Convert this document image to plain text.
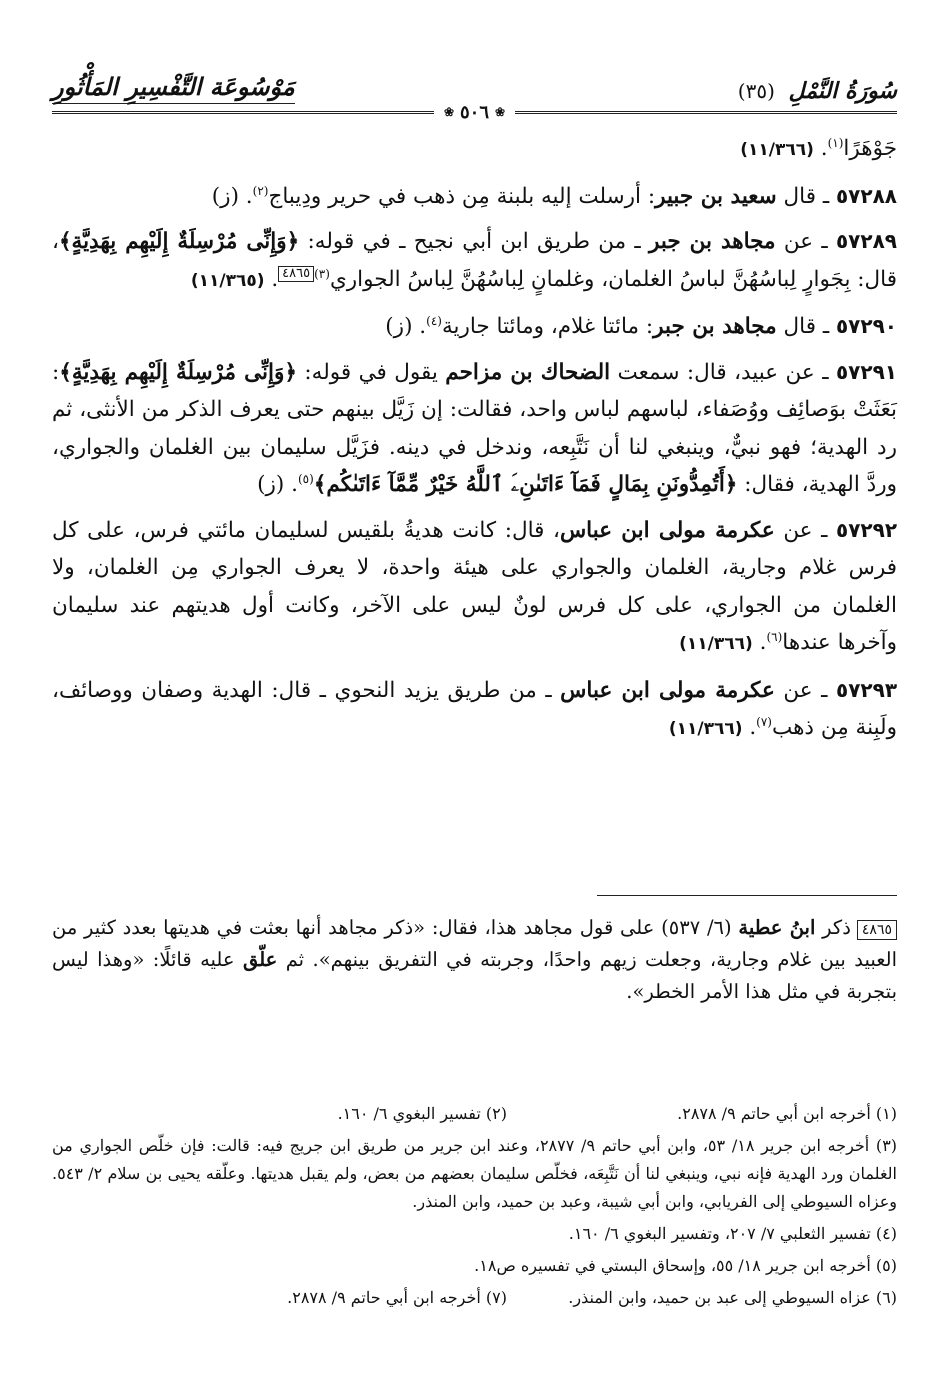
مَوْسُوعَة التَّفْسِيرِ المَأْثُورِ	سُورَةُ النَّمْلِ (٣٥)
❀ ٥٠٦ ❀

جَوْهَرًا$^{(١)}$. (١١/٣٦٦)

٥٧٢٨٨ ـ قال سعيد بن جبير: أرسلت إليه بلبنة مِن ذهب في حرير ودِيباج$^{(٢)}$. (ز)

٥٧٢٨٩ ـ عن مجاهد بن جبر ـ من طريق ابن أبي نجيح ـ في قوله: ﴿وَإِنِّى مُرْسِلَةٌ إِلَيْهِم بِهَدِيَّةٍ﴾، قال: بِجَوارٍ لِباسُهُنَّ لباسُ الغلمان، وغلمانٍ لِباسُهُنَّ لِباسُ الجواري$^{(٣)}$٤٨٦٥. (١١/٣٦٥)

٥٧٢٩٠ ـ قال مجاهد بن جبر: مائتا غلام، ومائتا جارية$^{(٤)}$. (ز)

٥٧٢٩١ ـ عن عبيد، قال: سمعت الضحاك بن مزاحم يقول في قوله: ﴿وَإِنِّى مُرْسِلَةٌ إِلَيْهِم بِهَدِيَّةٍ﴾: بَعَثَتْ بوَصائِف ووُصَفاء، لباسهم لباس واحد، فقالت: إن زَيَّل بينهم حتى يعرف الذكر من الأنثى، ثم رد الهدية؛ فهو نبيٌّ، وينبغي لنا أن نَتَّبِعه، وندخل في دينه. فزَيَّل سليمان بين الغلمان والجواري، وردَّ الهدية، فقال: ﴿أَتُمِدُّونَنِ بِمَالٍ فَمَآ ءَاتَىٰنِۦَ ٱللَّهُ خَيْرٌ مِّمَّآ ءَاتَىٰكُم﴾$^{(٥)}$. (ز)

٥٧٢٩٢ ـ عن عكرمة مولى ابن عباس، قال: كانت هديةُ بلقيس لسليمان مائتي فرس، على كل فرس غلام وجارية، الغلمان والجواري على هيئة واحدة، لا يعرف الجواري مِن الغلمان، ولا الغلمان من الجواري، على كل فرس لونٌ ليس على الآخر، وكانت أول هديتهم عند سليمان وآخرها عندها$^{(٦)}$. (١١/٣٦٦)

٥٧٢٩٣ ـ عن عكرمة مولى ابن عباس ـ من طريق يزيد النحوي ـ قال: الهدية وصفان ووصائف، ولَبِنة مِن ذهب$^{(٧)}$. (١١/٣٦٦)

٤٨٦٥ذكر ابنُ عطية (٦/ ٥٣٧) على قول مجاهد هذا، فقال: «ذكر مجاهد أنها بعثت في هديتها بعدد كثير من العبيد بين غلام وجارية، وجعلت زيهم واحدًا، وجربته في التفريق بينهم». ثم علّق عليه قائلًا: «وهذا ليس بتجربة في مثل هذا الأمر الخطر».
(١) أخرجه ابن أبي حاتم ٩/ ٢٨٧٨.
(٢) تفسير البغوي ٦/ ١٦٠.
(٣) أخرجه ابن جرير ١٨/ ٥٣، وابن أبي حاتم ٩/ ٢٨٧٧، وعند ابن جرير من طريق ابن جريج فيه: قالت: فإن خلّص الجواري من الغلمان ورد الهدية فإنه نبي، وينبغي لنا أن نَتَّبِعَه، فخلّص سليمان بعضهم من بعض، ولم يقبل هديتها. وعلّقه يحيى بن سلام ٢/ ٥٤٣. وعزاه السيوطي إلى الفريابي، وابن أبي شيبة، وعبد بن حميد، وابن المنذر.
(٤) تفسير الثعلبي ٧/ ٢٠٧، وتفسير البغوي ٦/ ١٦٠.
(٥) أخرجه ابن جرير ١٨/ ٥٥، وإسحاق البستي في تفسيره ص١٨.
(٦) عزاه السيوطي إلى عبد بن حميد، وابن المنذر.
(٧) أخرجه ابن أبي حاتم ٩/ ٢٨٧٨.
